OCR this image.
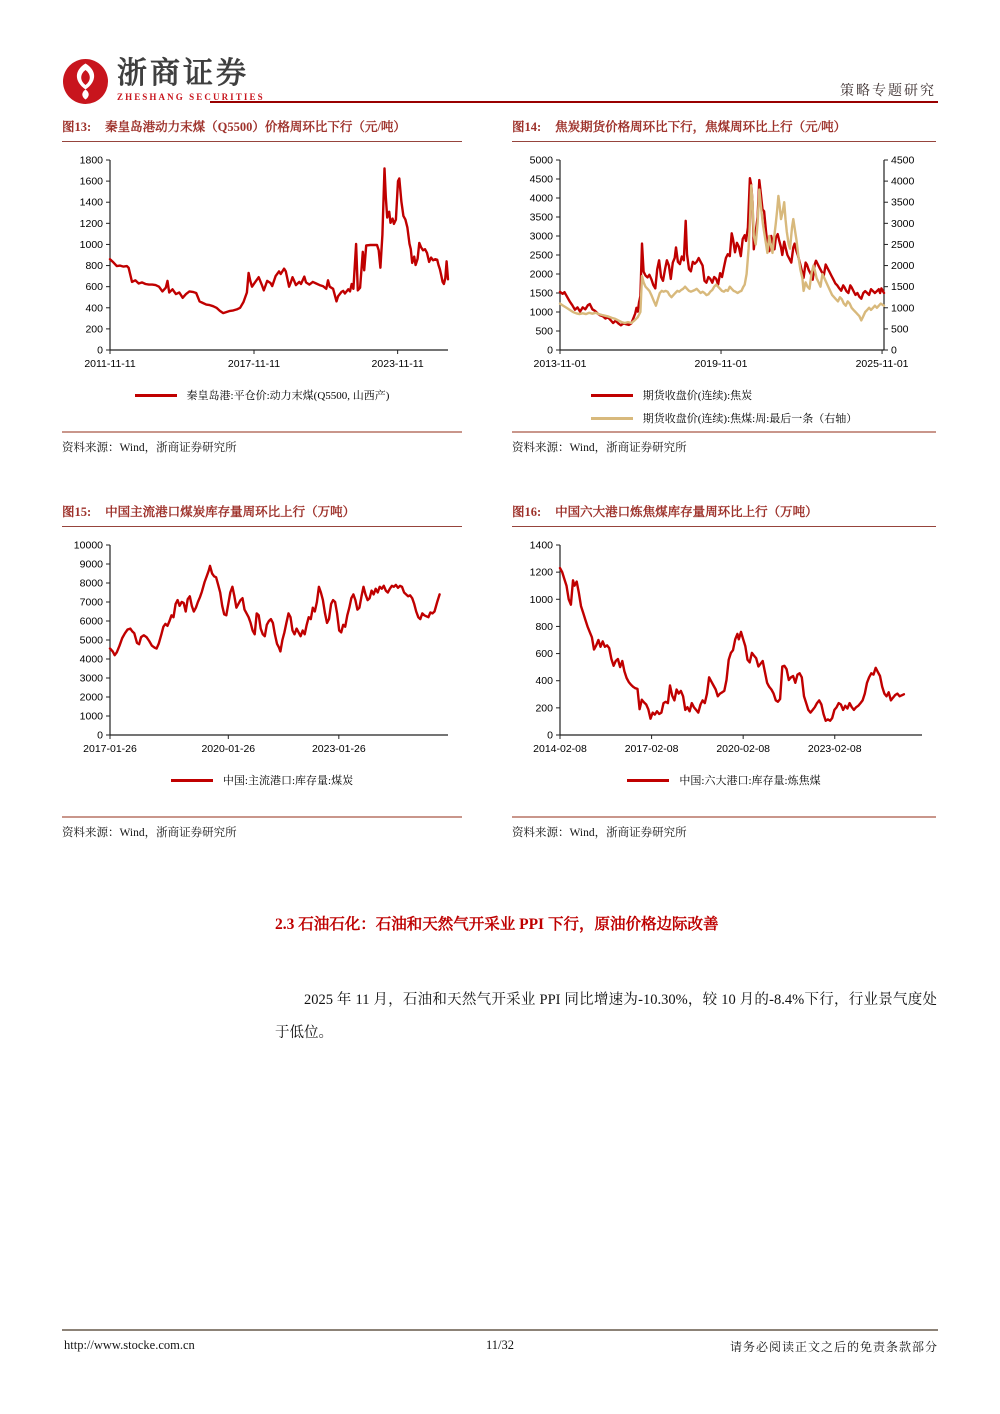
浙商证券
ZHESHANG SECURITIES	策略专题研究
图13: 秦皇岛港动力末煤（Q5500）价格周环比下行（元/吨）
0
200
400
600
800
1000
1200
1400
1600
1800
2011-11-11	2017-11-11	2023-11-11
秦皇岛港:平仓价:动力末煤(Q5500, 山西产)
资料来源：Wind，浙商证券研究所
图14: 焦炭期货价格周环比下行，焦煤周环比上行（元/吨）
0
500
1000
1500
2000
2500
3000
3500
4000
4500
5000
0
500
1000
1500
2000
2500
3000
3500
4000
4500
2013-11-01	2019-11-01	2025-11-01
期货收盘价(连续):焦炭
期货收盘价(连续):焦煤:周:最后一条（右轴）
资料来源：Wind，浙商证券研究所
图15: 中国主流港口煤炭库存量周环比上行（万吨）
0
1000
2000
3000
4000
5000
6000
7000
8000
9000
10000
2017-01-26	2020-01-26	2023-01-26
中国:主流港口:库存量:煤炭
资料来源：Wind，浙商证券研究所
图16: 中国六大港口炼焦煤库存量周环比上行（万吨）
0
200
400
600
800
1000
1200
1400
2014-02-08	2017-02-08	2020-02-08	2023-02-08
中国:六大港口:库存量:炼焦煤
资料来源：Wind，浙商证券研究所
2.3 石油石化：石油和天然气开采业 PPI 下行，原油价格边际改善

2025 年 11 月，石油和天然气开采业 PPI 同比增速为-10.30%，较 10 月的-8.4%下行，行业景气度处于低位。

http://www.stocke.com.cn	11/32	请务必阅读正文之后的免责条款部分
